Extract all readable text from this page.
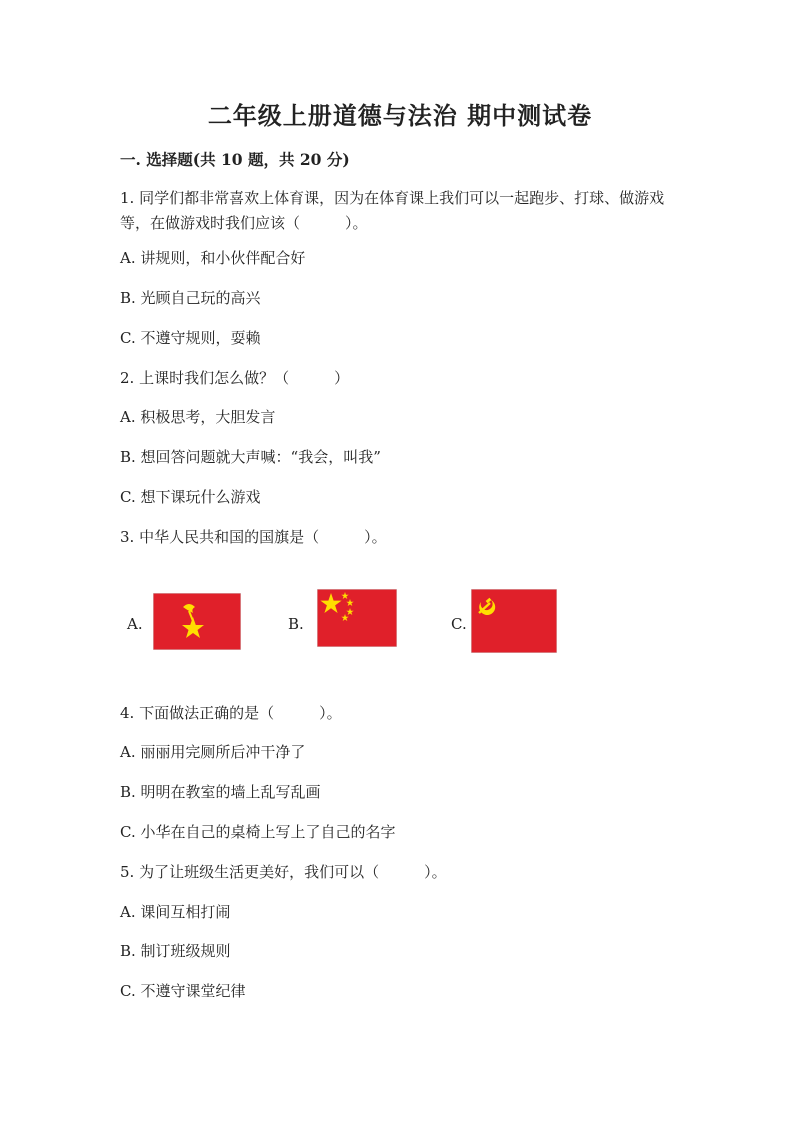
二年级上册道德与法治 期中测试卷
一. 选择题(共 10 题，共 20 分)
1. 同学们都非常喜欢上体育课，因为在体育课上我们可以一起跑步、打球、做游戏等，在做游戏时我们应该（　　　）。
A. 讲规则，和小伙伴配合好
B. 光顾自己玩的高兴
C. 不遵守规则，耍赖
2. 上课时我们怎么做？（　　　）
A. 积极思考，大胆发言
B. 想回答问题就大声喊：“我会，叫我”
C. 想下课玩什么游戏
3. 中华人民共和国的国旗是（　　　）。
A.	B.	C.
4. 下面做法正确的是（　　　）。
A. 丽丽用完厕所后冲干净了
B. 明明在教室的墙上乱写乱画
C. 小华在自己的桌椅上写上了自己的名字
5. 为了让班级生活更美好，我们可以（　　　）。
A. 课间互相打闹
B. 制订班级规则
C. 不遵守课堂纪律
